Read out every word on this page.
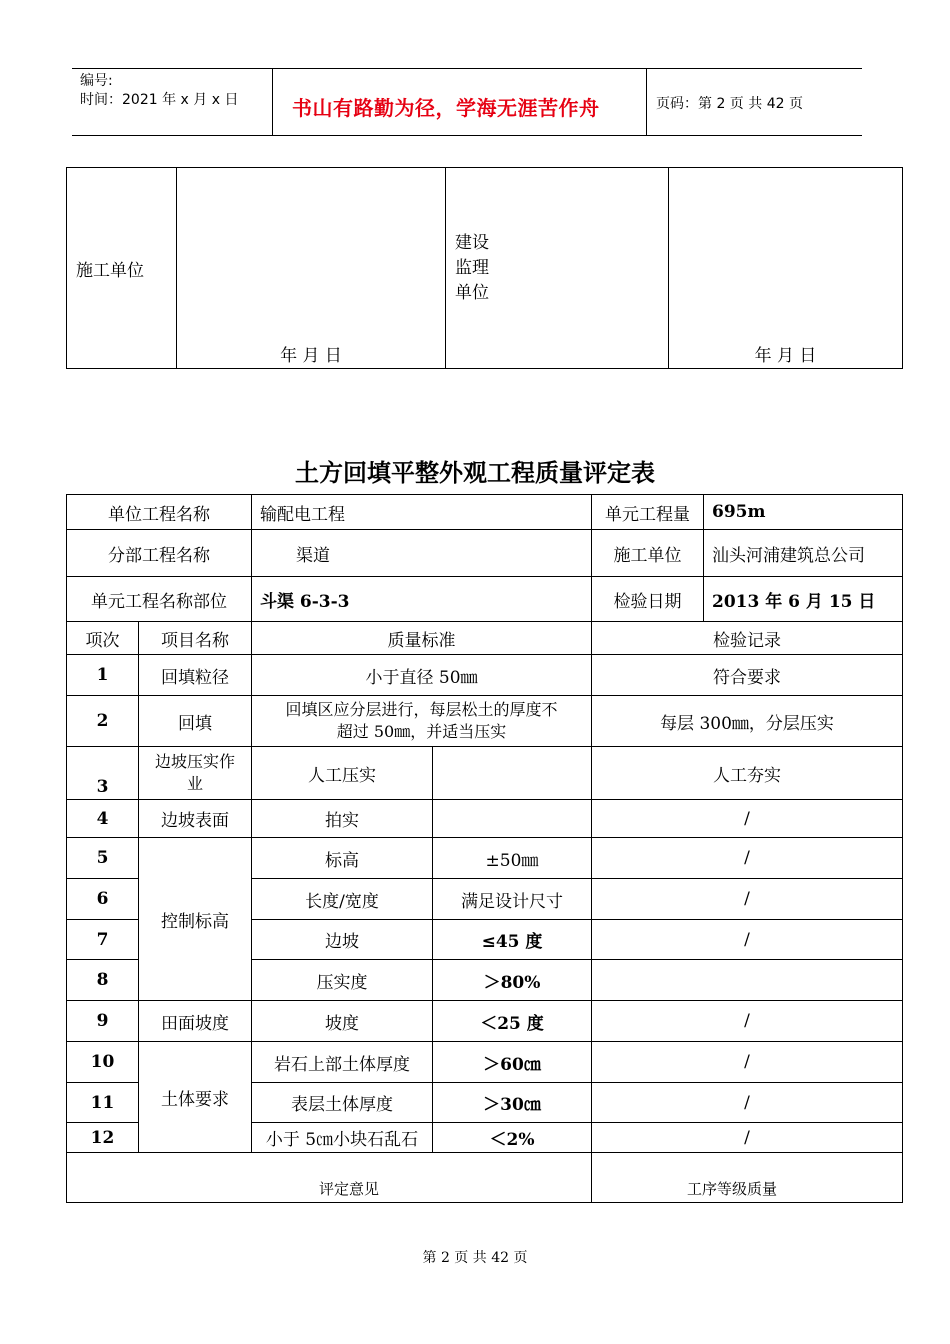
编号:
时间：2021 年 x 月 x 日	书山有路勤为径，学海无涯苦作舟	页码：第 2 页 共 42 页
施工单位	年 月 日	
建设
监理
单位
	年 月 日
土方回填平整外观工程质量评定表
单位工程名称		输配电工程		单元工程量	695m
分部工程名称		渠道		施工单位	汕头河浦建筑总公司
单元工程名称部位		斗渠 6-3-3		检验日期	2013 年 6 月 15 日
项次	项目名称	质量标准		检验记录	
1	回填粒径	小于直径 50㎜		符合要求	
2	回填	回填区应分层进行，每层松土的厚度不
超过 50㎜，并适当压实		每层 300㎜，分层压实	
3	边坡压实作
业	人工压实		人工夯实	
4	边坡表面	拍实		/	
5	控制标高	标高	±50㎜	/	
6		长度/宽度	满足设计尺寸	/	
7		边坡	≤45 度	/	
8		压实度	＞80%		
9	田面坡度	坡度	＜25 度	/	
10	土体要求	岩石上部土体厚度	＞60㎝	/	
11		表层土体厚度	＞30㎝	/	
12		小于 5㎝小块石乱石	＜2%	/	
评定意见				工序等级质量	
第 2 页 共 42 页
